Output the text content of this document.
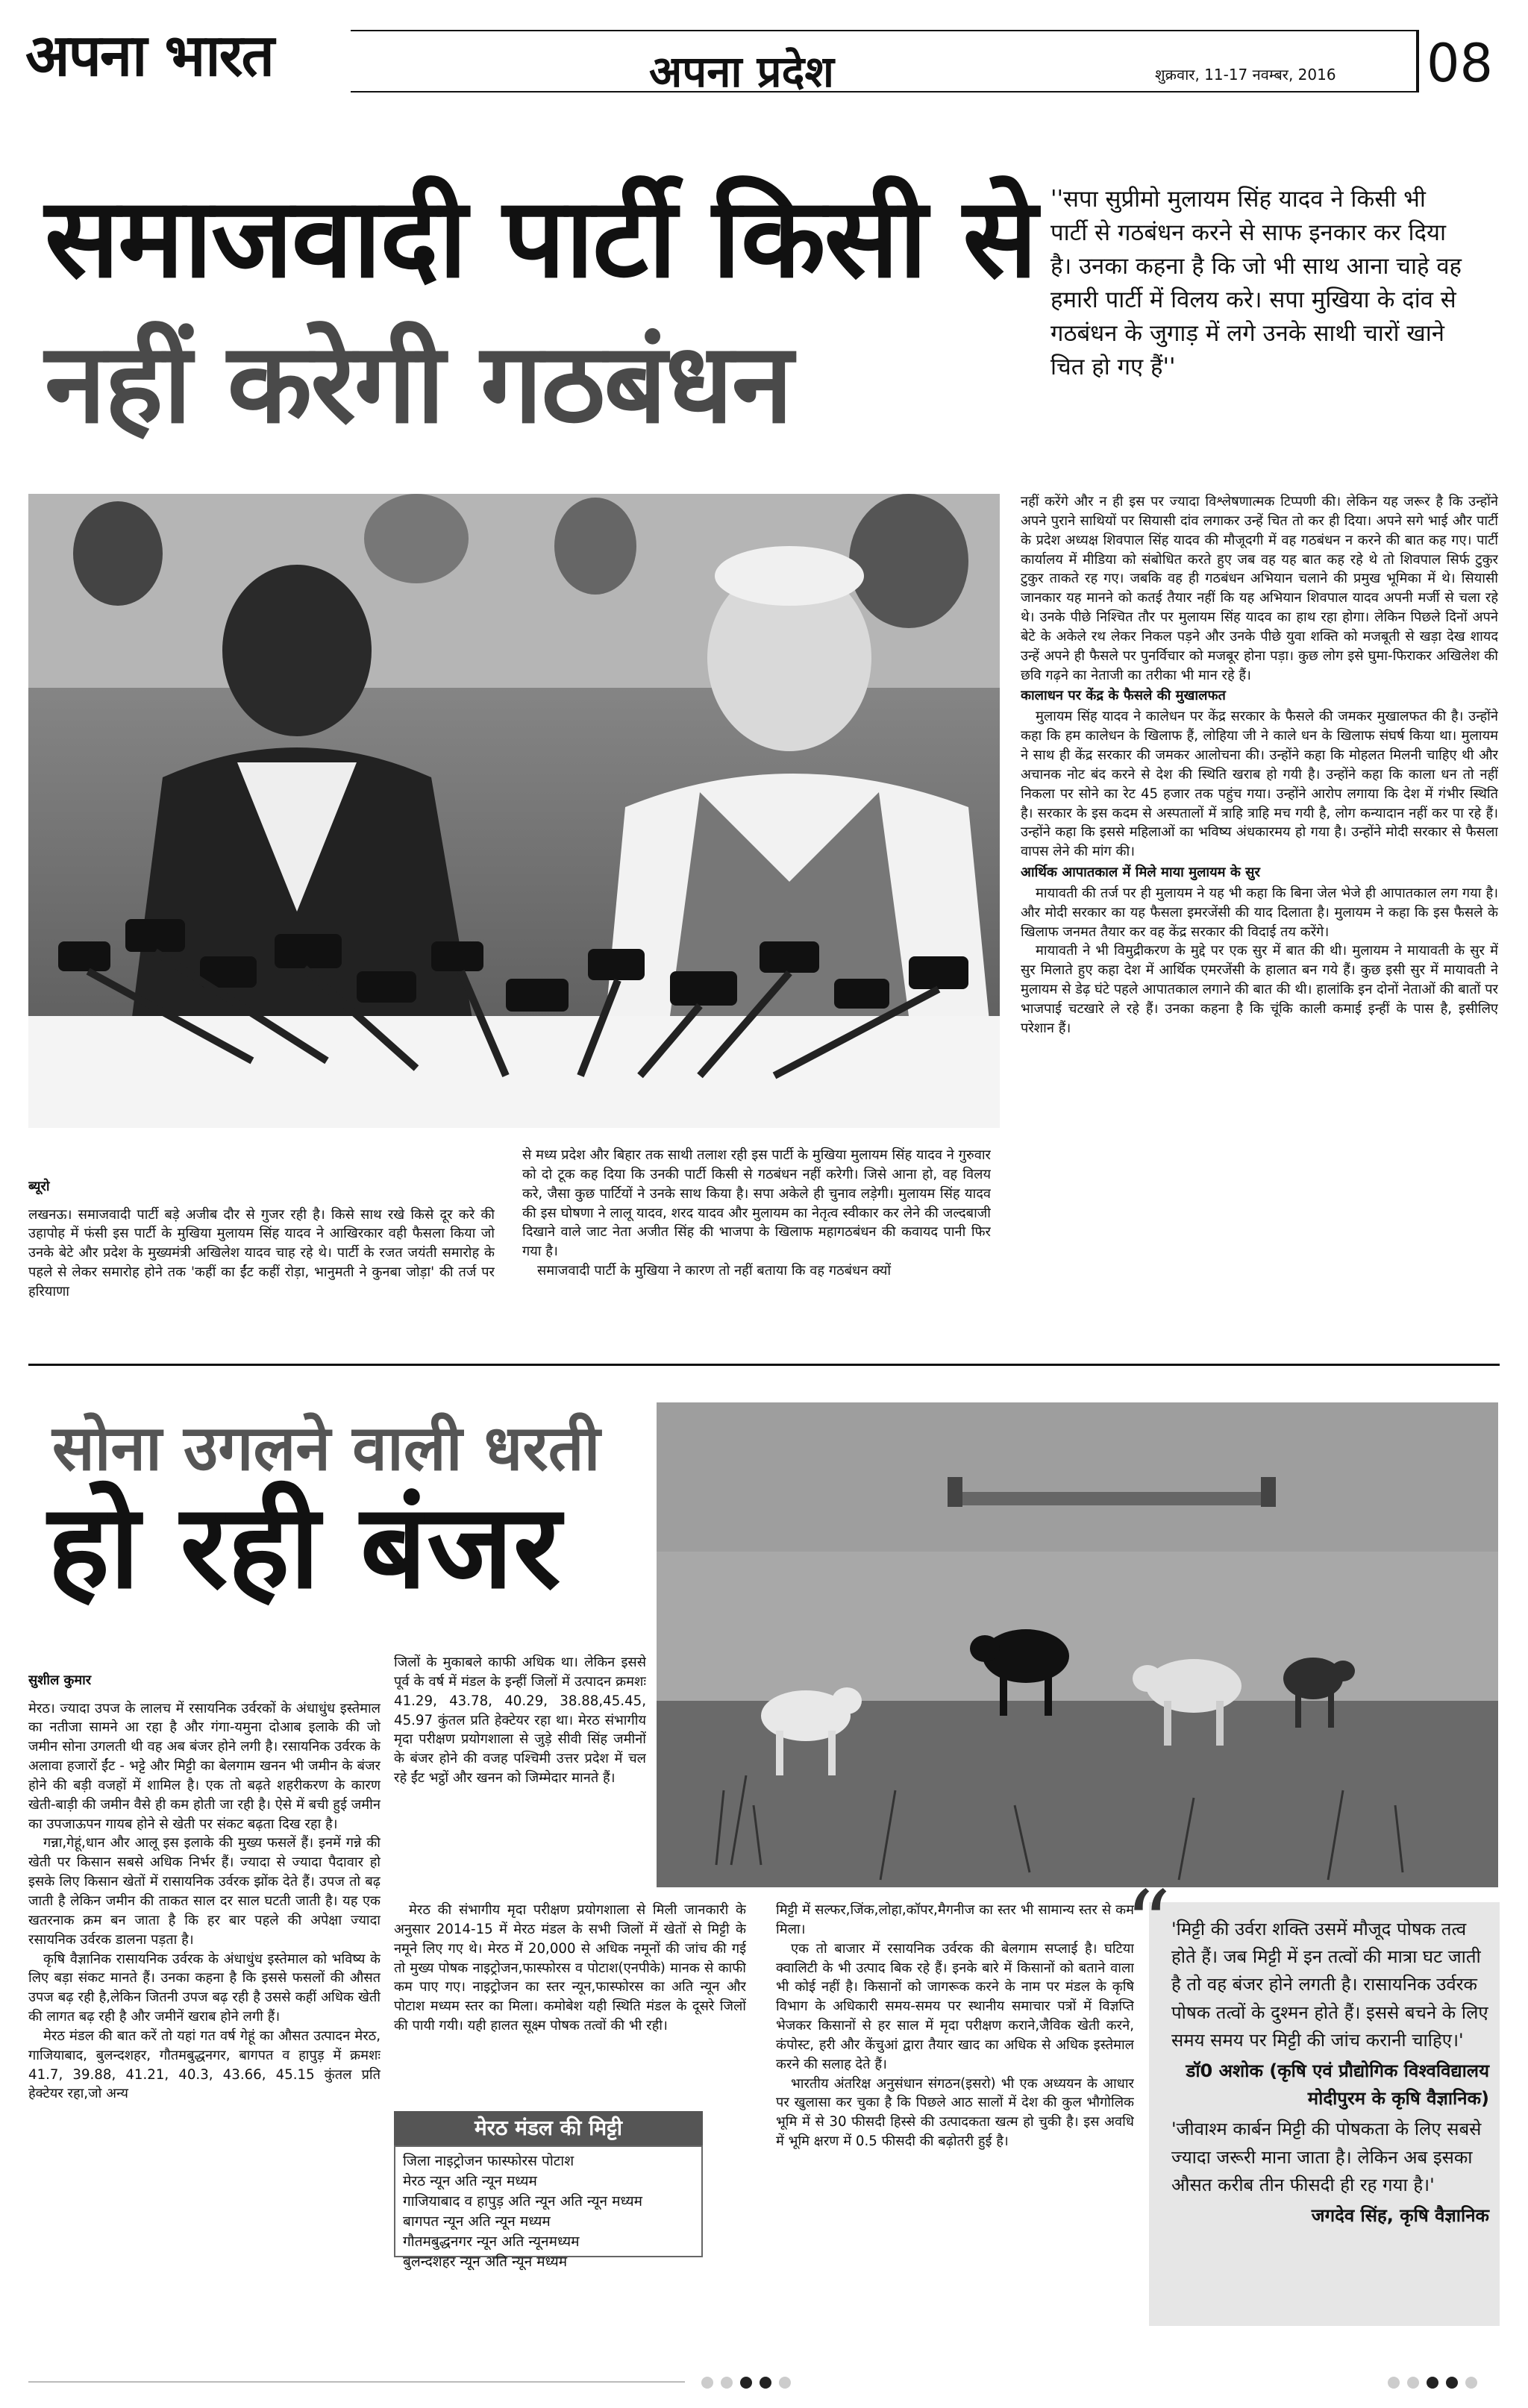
अपना भारत	अपना प्रदेश	शुक्रवार, 11-17 नवम्बर, 2016 08
समाजवादी पार्टी किसी से
नहीं करेगी गठबंधन
''सपा सुप्रीमो मुलायम सिंह यादव ने किसी भी पार्टी से गठबंधन करने से साफ इनकार कर दिया है। उनका कहना है कि जो भी साथ आना चाहे वह हमारी पार्टी में विलय करे। सपा मुखिया के दांव से गठबंधन के जुगाड़ में लगे उनके साथी चारों खाने चित हो गए हैं''

ब्यूरो

लखनऊ। समाजवादी पार्टी बड़े अजीब दौर से गुजर रही है। किसे साथ रखे किसे दूर करे की उहापोह में फंसी इस पार्टी के मुखिया मुलायम सिंह यादव ने आखिरकार वही फैसला किया जो उनके बेटे और प्रदेश के मुख्यमंत्री अखिलेश यादव चाह रहे थे। पार्टी के रजत जयंती समारोह के पहले से लेकर समारोह होने तक 'कहीं का ईंट कहीं रोड़ा, भानुमती ने कुनबा जोड़ा' की तर्ज पर हरियाणा

से मध्य प्रदेश और बिहार तक साथी तलाश रही इस पार्टी के मुखिया मुलायम सिंह यादव ने गुरुवार को दो टूक कह दिया कि उनकी पार्टी किसी से गठबंधन नहीं करेगी। जिसे आना हो, वह विलय करे, जैसा कुछ पार्टियों ने उनके साथ किया है। सपा अकेले ही चुनाव लड़ेगी। मुलायम सिंह यादव की इस घोषणा ने लालू यादव, शरद यादव और मुलायम का नेतृत्व स्वीकार कर लेने की जल्दबाजी दिखाने वाले जाट नेता अजीत सिंह की भाजपा के खिलाफ महागठबंधन की कवायद पानी फिर गया है।

समाजवादी पार्टी के मुखिया ने कारण तो नहीं बताया कि वह गठबंधन क्यों

नहीं करेंगे और न ही इस पर ज्यादा विश्लेषणात्मक टिप्पणी की। लेकिन यह जरूर है कि उन्होंने अपने पुराने साथियों पर सियासी दांव लगाकर उन्हें चित तो कर ही दिया। अपने सगे भाई और पार्टी के प्रदेश अध्यक्ष शिवपाल सिंह यादव की मौजूदगी में वह गठबंधन न करने की बात कह गए। पार्टी कार्यालय में मीडिया को संबोधित करते हुए जब वह यह बात कह रहे थे तो शिवपाल सिर्फ टुकुर टुकुर ताकते रह गए। जबकि वह ही गठबंधन अभियान चलाने की प्रमुख भूमिका में थे। सियासी जानकार यह मानने को कतई तैयार नहीं कि यह अभियान शिवपाल यादव अपनी मर्जी से चला रहे थे। उनके पीछे निश्चित तौर पर मुलायम सिंह यादव का हाथ रहा होगा। लेकिन पिछले दिनों अपने बेटे के अकेले रथ लेकर निकल पड़ने और उनके पीछे युवा शक्ति को मजबूती से खड़ा देख शायद उन्हें अपने ही फैसले पर पुनर्विचार को मजबूर होना पड़ा। कुछ लोग इसे घुमा-फिराकर अखिलेश की छवि गढ़ने का नेताजी का तरीका भी मान रहे हैं।

कालाधन पर केंद्र के फैसले की मुखालफत

मुलायम सिंह यादव ने कालेधन पर केंद्र सरकार के फैसले की जमकर मुखालफत की है। उन्होंने कहा कि हम कालेधन के खिलाफ हैं, लोहिया जी ने काले धन के खिलाफ संघर्ष किया था। मुलायम ने साथ ही केंद्र सरकार की जमकर आलोचना की। उन्होंने कहा कि मोहलत मिलनी चाहिए थी और अचानक नोट बंद करने से देश की स्थिति खराब हो गयी है। उन्होंने कहा कि काला धन तो नहीं निकला पर सोने का रेट 45 हजार तक पहुंच गया। उन्होंने आरोप लगाया कि देश में गंभीर स्थिति है। सरकार के इस कदम से अस्पतालों में त्राहि त्राहि मच गयी है, लोग कन्यादान नहीं कर पा रहे हैं। उन्होंने कहा कि इससे महिलाओं का भविष्य अंधकारमय हो गया है। उन्होंने मोदी सरकार से फैसला वापस लेने की मांग की।

आर्थिक आपातकाल में मिले माया मुलायम के सुर

मायावती की तर्ज पर ही मुलायम ने यह भी कहा कि बिना जेल भेजे ही आपातकाल लग गया है। और मोदी सरकार का यह फैसला इमरजेंसी की याद दिलाता है। मुलायम ने कहा कि इस फैसले के खिलाफ जनमत तैयार कर वह केंद्र सरकार की विदाई तय करेंगे।

मायावती ने भी विमुद्रीकरण के मुद्दे पर एक सुर में बात की थी। मुलायम ने मायावती के सुर में सुर मिलाते हुए कहा देश में आर्थिक एमरजेंसी के हालात बन गये हैं। कुछ इसी सुर में मायावती ने मुलायम से डेढ़ घंटे पहले आपातकाल लगाने की बात की थी। हालांकि इन दोनों नेताओं की बातों पर भाजपाई चटखारे ले रहे हैं। उनका कहना है कि चूंकि काली कमाई इन्हीं के पास है, इसीलिए परेशान हैं।

सोना उगलने वाली धरती
हो रही बंजर

सुशील कुमार

मेरठ। ज्यादा उपज के लालच में रसायनिक उर्वरकों के अंधाधुंध इस्तेमाल का नतीजा सामने आ रहा है और गंगा-यमुना दोआब इलाके की जो जमीन सोना उगलती थी वह अब बंजर होने लगी है। रसायनिक उर्वरक के अलावा हजारों ईंट - भट्टे और मिट्टी का बेलगाम खनन भी जमीन के बंजर होने की बड़ी वजहों में शामिल है। एक तो बढ़ते शहरीकरण के कारण खेती-बाड़ी की जमीन वैसे ही कम होती जा रही है। ऐसे में बची हुई जमीन का उपजाऊपन गायब होने से खेती पर संकट बढ़ता दिख रहा है।

गन्ना,गेहूं,धान और आलू इस इलाके की मुख्य फसलें हैं। इनमें गन्ने की खेती पर किसान सबसे अधिक निर्भर हैं। ज्यादा से ज्यादा पैदावार हो इसके लिए किसान खेतों में रासायनिक उर्वरक झोंक देते हैं। उपज तो बढ़ जाती है लेकिन जमीन की ताकत साल दर साल घटती जाती है। यह एक खतरनाक क्रम बन जाता है कि हर बार पहले की अपेक्षा ज्यादा रसायनिक उर्वरक डालना पड़ता है।

कृषि वैज्ञानिक रासायनिक उर्वरक के अंधाधुंध इस्तेमाल को भविष्य के लिए बड़ा संकट मानते हैं। उनका कहना है कि इससे फसलों की औसत उपज बढ़ रही है,लेकिन जितनी उपज बढ़ रही है उससे कहीं अधिक खेती की लागत बढ़ रही है और जमीनें खराब होने लगी हैं।

मेरठ मंडल की बात करें तो यहां गत वर्ष गेहूं का औसत उत्पादन मेरठ, गाजियाबाद, बुलन्दशहर, गौतमबुद्धनगर, बागपत व हापुड़ में क्रमशः 41.7, 39.88, 41.21, 40.3, 43.66, 45.15 कुंतल प्रति हेक्टेयर रहा,जो अन्य

जिलों के मुकाबले काफी अधिक था। लेकिन इससे पूर्व के वर्ष में मंडल के इन्हीं जिलों में उत्पादन क्रमशः 41.29, 43.78, 40.29, 38.88,45.45, 45.97 कुंतल प्रति हेक्टेयर रहा था। मेरठ संभागीय मृदा परीक्षण प्रयोगशाला से जुड़े सीवी सिंह जमीनों के बंजर होने की वजह पश्चिमी उत्तर प्रदेश में चल रहे ईंट भट्ठों और खनन को जिम्मेदार मानते हैं।

मेरठ की संभागीय मृदा परीक्षण प्रयोगशाला से मिली जानकारी के अनुसार 2014-15 में मेरठ मंडल के सभी जिलों में खेतों से मिट्टी के नमूने लिए गए थे। मेरठ में 20,000 से अधिक नमूनों की जांच की गई तो मुख्य पोषक नाइट्रोजन,फास्फोरस व पोटाश(एनपीके) मानक से काफी कम पाए गए। नाइट्रोजन का स्तर न्यून,फास्फोरस का अति न्यून और पोटाश मध्यम स्तर का मिला। कमोबेश यही स्थिति मंडल के दूसरे जिलों की पायी गयी। यही हालत सूक्ष्म पोषक तत्वों की भी रही।

मेरठ मंडल की मिट्टी
जिला नाइट्रोजन फास्फोरस पोटाश
मेरठ न्यून अति न्यून मध्यम
गाजियाबाद व हापुड़ अति न्यून अति न्यून मध्यम
बागपत न्यून अति न्यून मध्यम
गौतमबुद्धनगर न्यून अति न्यूनमध्यम
बुलन्दशहर न्यून अति न्यून मध्यम

मिट्टी में सल्फर,जिंक,लोहा,कॉपर,मैगनीज का स्तर भी सामान्य स्तर से कम मिला।

एक तो बाजार में रसायनिक उर्वरक की बेलगाम सप्लाई है। घटिया क्वालिटी के भी उत्पाद बिक रहे हैं। इनके बारे में किसानों को बताने वाला भी कोई नहीं है। किसानों को जागरूक करने के नाम पर मंडल के कृषि विभाग के अधिकारी समय-समय पर स्थानीय समाचार पत्रों में विज्ञप्ति भेजकर किसानों से हर साल में मृदा परीक्षण कराने,जैविक खेती करने, कंपोस्ट, हरी और केंचुआं द्वारा तैयार खाद का अधिक से अधिक इस्तेमाल करने की सलाह देते हैं।

भारतीय अंतरिक्ष अनुसंधान संगठन(इसरो) भी एक अध्ययन के आधार पर खुलासा कर चुका है कि पिछले आठ सालों में देश की कुल भौगोलिक भूमि में से 30 फीसदी हिस्से की उत्पादकता खत्म हो चुकी है। इस अवधि में भूमि क्षरण में 0.5 फीसदी की बढ़ोतरी हुई है।

'मिट्टी की उर्वरा शक्ति उसमें मौजूद पोषक तत्व होते हैं। जब मिट्टी में इन तत्वों की मात्रा घट जाती है तो वह बंजर होने लगती है। रासायनिक उर्वरक पोषक तत्वों के दुश्मन होते हैं। इससे बचने के लिए समय समय पर मिट्टी की जांच करानी चाहिए।'
डॉ0 अशोक (कृषि एवं प्रौद्योगिक विश्वविद्यालय मोदीपुरम के कृषि वैज्ञानिक)
'जीवाश्म कार्बन मिट्टी की पोषकता के लिए सबसे ज्यादा जरूरी माना जाता है। लेकिन अब इसका औसत करीब तीन फीसदी ही रह गया है।'
जगदेव सिंह, कृषि वैज्ञानिक
“
